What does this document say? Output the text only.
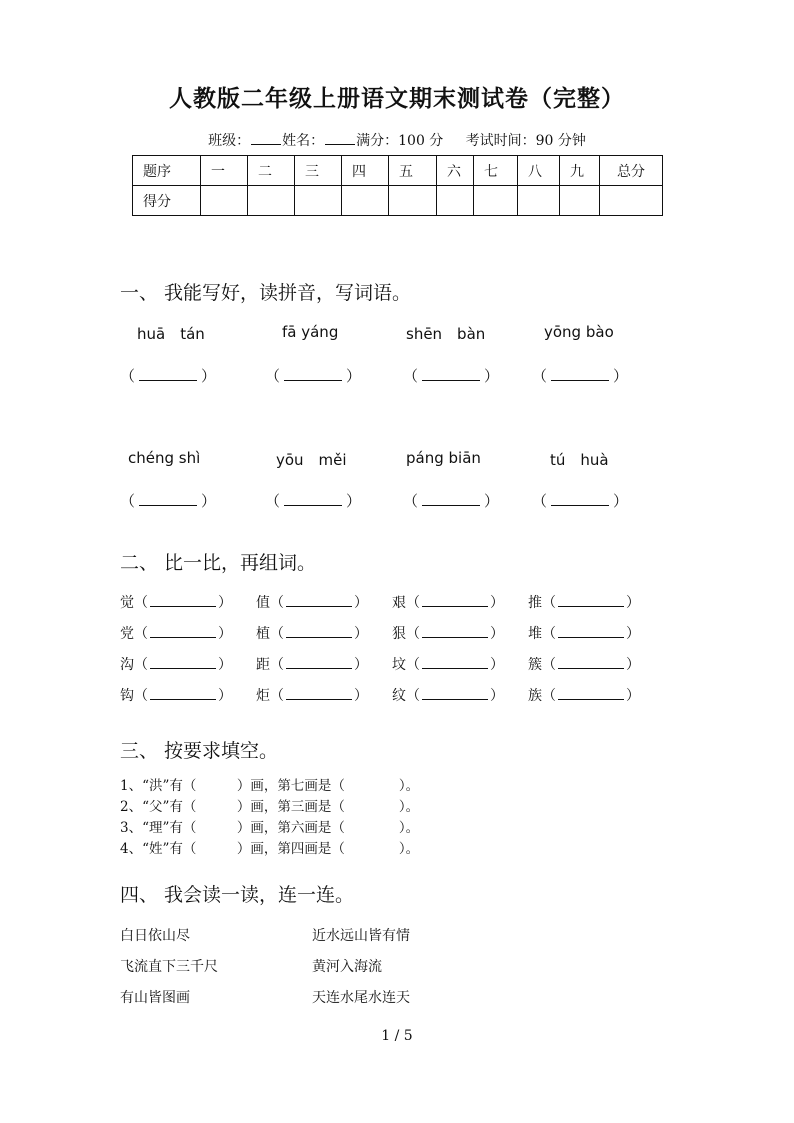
人教版二年级上册语文期末测试卷（完整）
班级： 姓名： 满分：100 分 考试时间：90 分钟
题序	一	二	三	四	五	六	七	八	九	总分
得分										
一、 我能写好，读拼音，写词语。
huā　tán	fā yáng	shēn　bàn	yōng bào
（	）	（	）	（	） （	）
chéng shì	yōu　měi	páng biān	tú　huà
（	）	（	）	（	） （	）
二、 比一比，再组词。
觉（	） 值（	） 艰（	） 推（	）
党（	） 植（	） 狠（	） 堆（	）
沟（	） 距（	） 坟（	） 簇（	）
钩（	） 炬（	） 纹（	） 族（	）
三、 按要求填空。
1、“洪”有（　　　）画，第七画是（　　　　）。
2、“父”有（　　　）画，第三画是（　　　　）。
3、“理”有（　　　）画，第六画是（　　　　）。
4、“姓”有（　　　）画，第四画是（　　　　）。
四、 我会读一读，连一连。
白日依山尽	近水远山皆有情
飞流直下三千尺	黄河入海流
有山皆图画	天连水尾水连天
1 / 5
